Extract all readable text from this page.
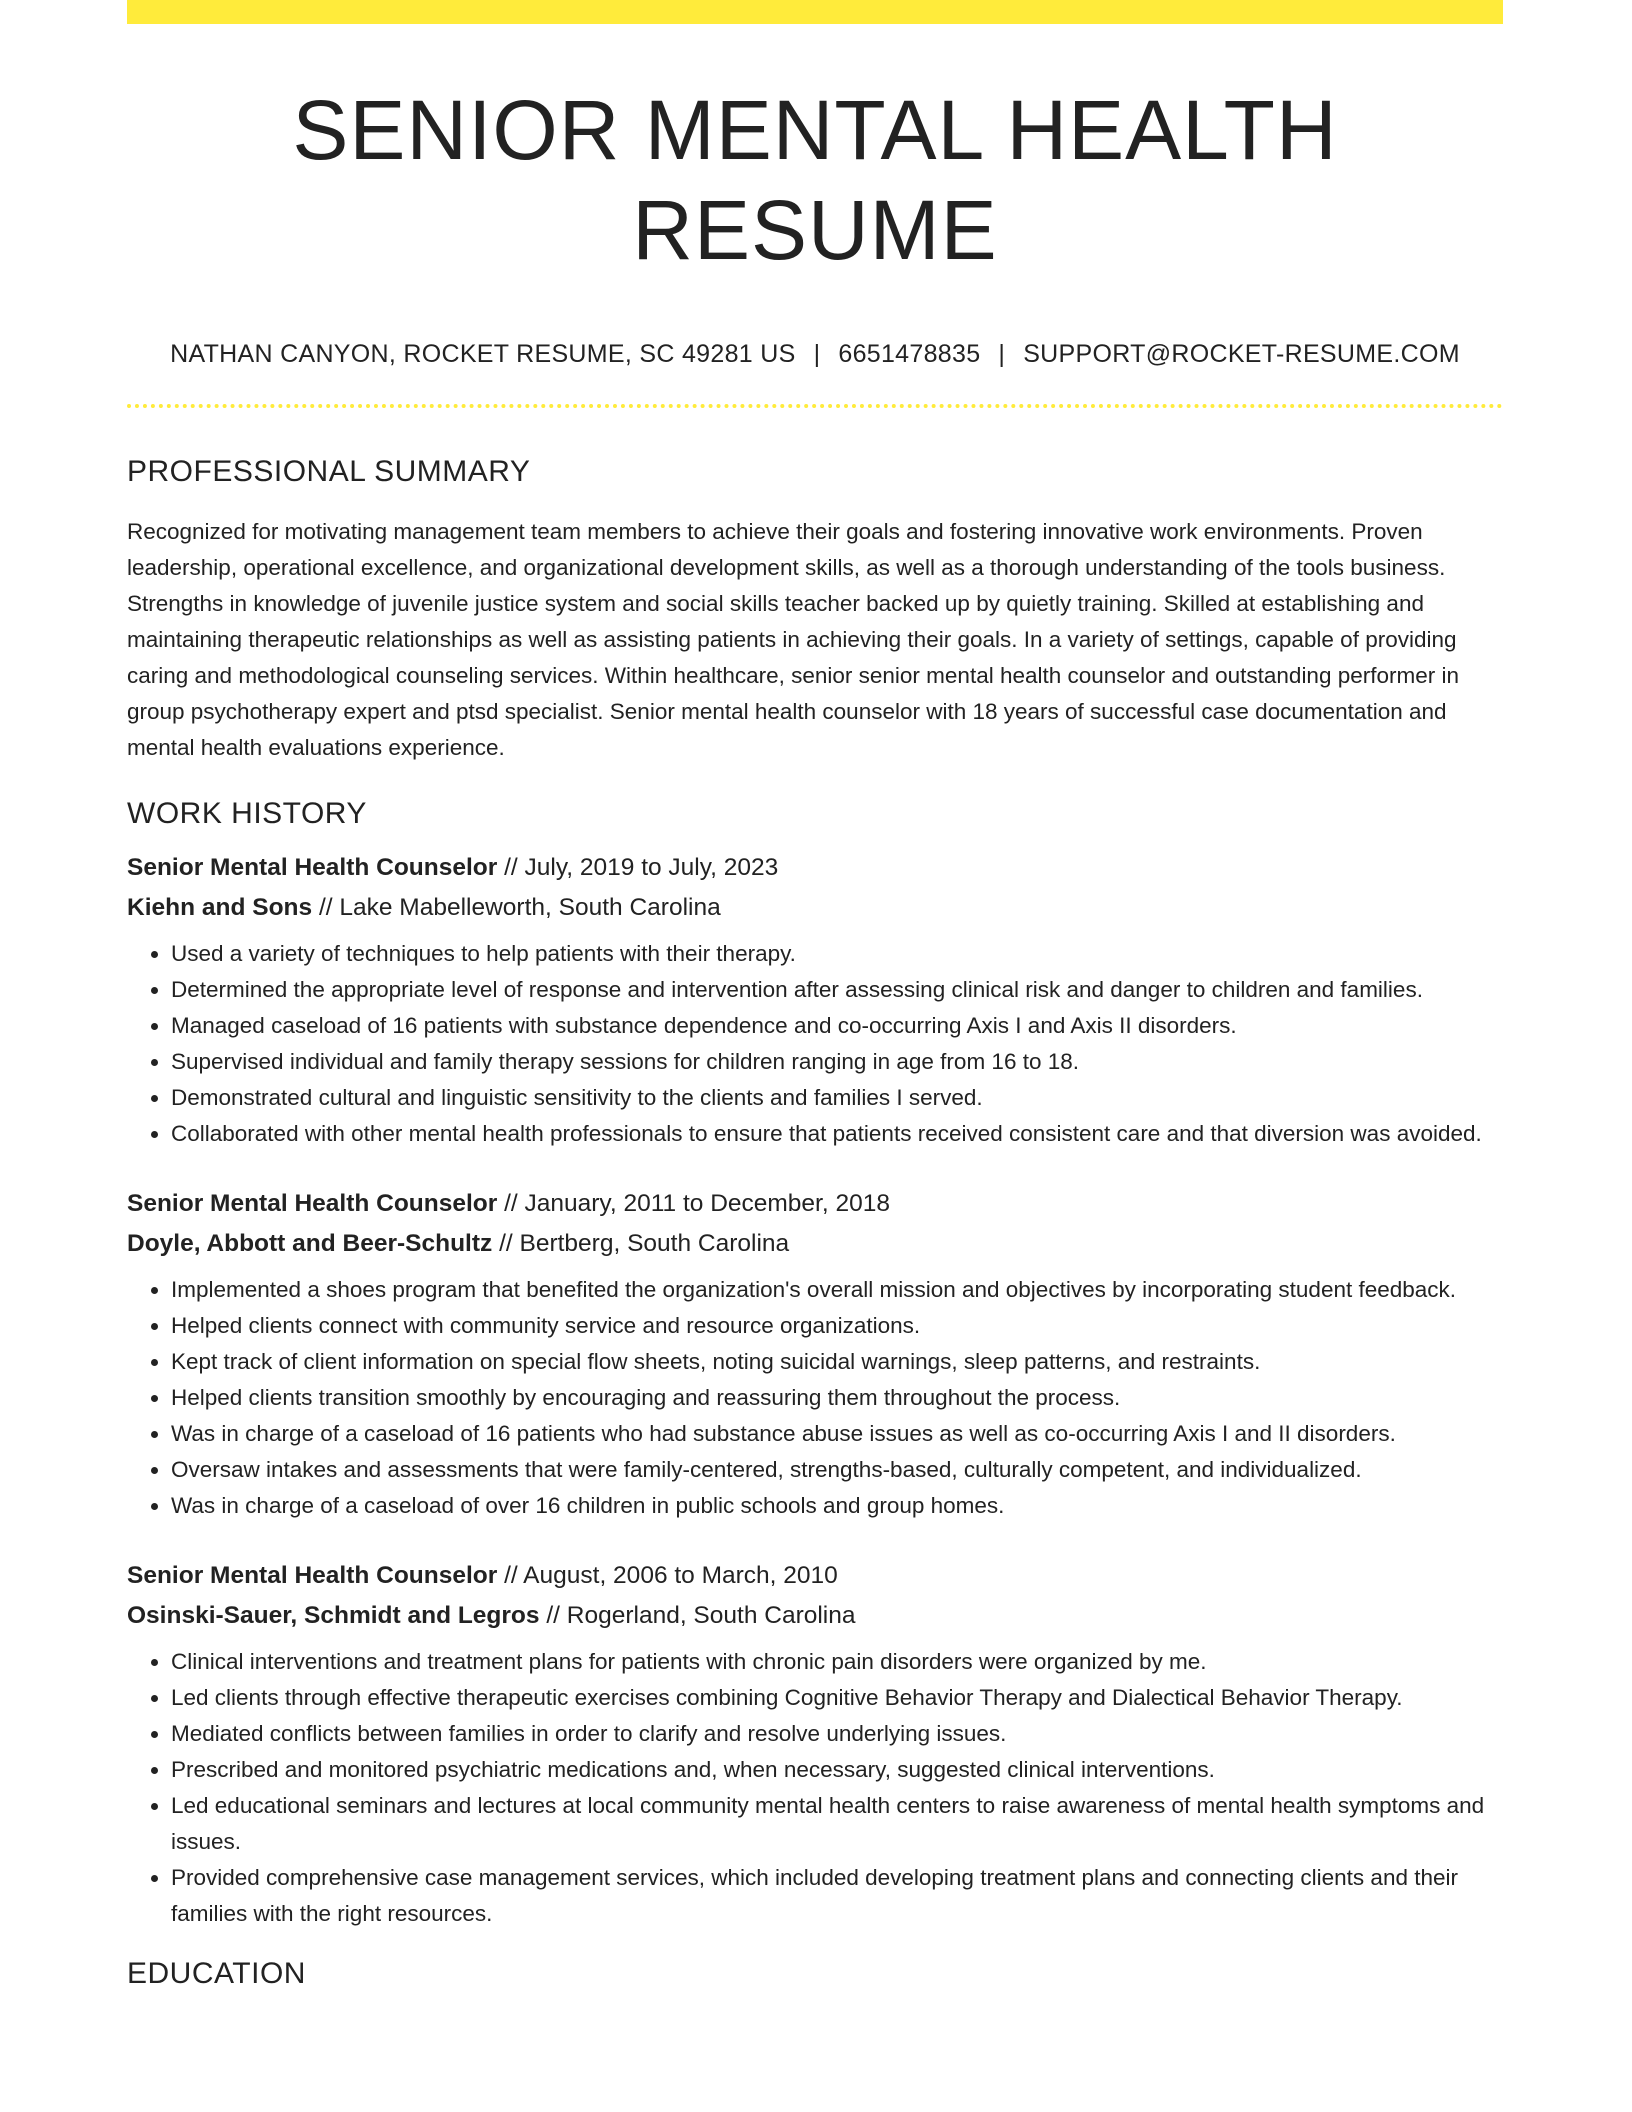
SENIOR MENTAL HEALTH RESUME
NATHAN CANYON, ROCKET RESUME, SC 49281 US | 6651478835 | SUPPORT@ROCKET-RESUME.COM
PROFESSIONAL SUMMARY
Recognized for motivating management team members to achieve their goals and fostering innovative work environments. Proven leadership, operational excellence, and organizational development skills, as well as a thorough understanding of the tools business. Strengths in knowledge of juvenile justice system and social skills teacher backed up by quietly training. Skilled at establishing and maintaining therapeutic relationships as well as assisting patients in achieving their goals. In a variety of settings, capable of providing caring and methodological counseling services. Within healthcare, senior senior mental health counselor and outstanding performer in group psychotherapy expert and ptsd specialist. Senior mental health counselor with 18 years of successful case documentation and mental health evaluations experience.
WORK HISTORY
Senior Mental Health Counselor // July, 2019 to July, 2023
Kiehn and Sons // Lake Mabelleworth, South Carolina
• Used a variety of techniques to help patients with their therapy.
• Determined the appropriate level of response and intervention after assessing clinical risk and danger to children and families.
• Managed caseload of 16 patients with substance dependence and co-occurring Axis I and Axis II disorders.
• Supervised individual and family therapy sessions for children ranging in age from 16 to 18.
• Demonstrated cultural and linguistic sensitivity to the clients and families I served.
• Collaborated with other mental health professionals to ensure that patients received consistent care and that diversion was avoided.
Senior Mental Health Counselor // January, 2011 to December, 2018
Doyle, Abbott and Beer-Schultz // Bertberg, South Carolina
• Implemented a shoes program that benefited the organization's overall mission and objectives by incorporating student feedback.
• Helped clients connect with community service and resource organizations.
• Kept track of client information on special flow sheets, noting suicidal warnings, sleep patterns, and restraints.
• Helped clients transition smoothly by encouraging and reassuring them throughout the process.
• Was in charge of a caseload of 16 patients who had substance abuse issues as well as co-occurring Axis I and II disorders.
• Oversaw intakes and assessments that were family-centered, strengths-based, culturally competent, and individualized.
• Was in charge of a caseload of over 16 children in public schools and group homes.
Senior Mental Health Counselor // August, 2006 to March, 2010
Osinski-Sauer, Schmidt and Legros // Rogerland, South Carolina
• Clinical interventions and treatment plans for patients with chronic pain disorders were organized by me.
• Led clients through effective therapeutic exercises combining Cognitive Behavior Therapy and Dialectical Behavior Therapy.
• Mediated conflicts between families in order to clarify and resolve underlying issues.
• Prescribed and monitored psychiatric medications and, when necessary, suggested clinical interventions.
• Led educational seminars and lectures at local community mental health centers to raise awareness of mental health symptoms and issues.
• Provided comprehensive case management services, which included developing treatment plans and connecting clients and their families with the right resources.
EDUCATION
